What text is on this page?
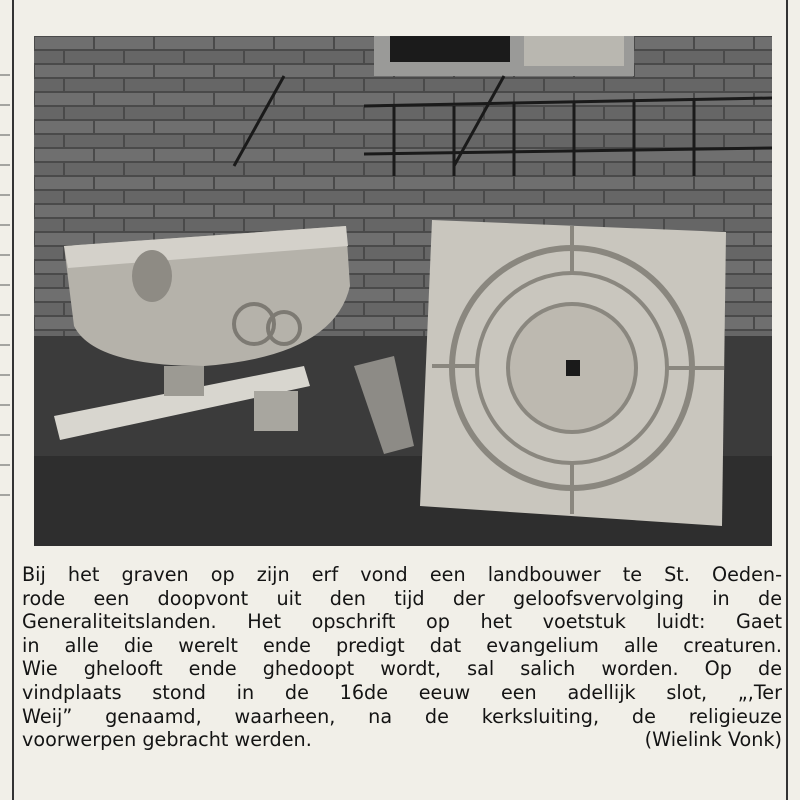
Bij het graven op zijn erf vond een landbouwer te St. Oeden-
rode een doopvont uit den tijd der geloofsvervolging in de
Generaliteitslanden. Het opschrift op het voetstuk luidt: Gaet
in alle die werelt ende predigt dat evangelium alle creaturen.
Wie ghelooft ende ghedoopt wordt, sal salich worden. Op de
vindplaats stond in de 16de eeuw een adellijk slot, „,Ter
Weij” genaamd, waarheen, na de kerksluiting, de religieuze
voorwerpen gebracht werden.	(Wielink Vonk)
